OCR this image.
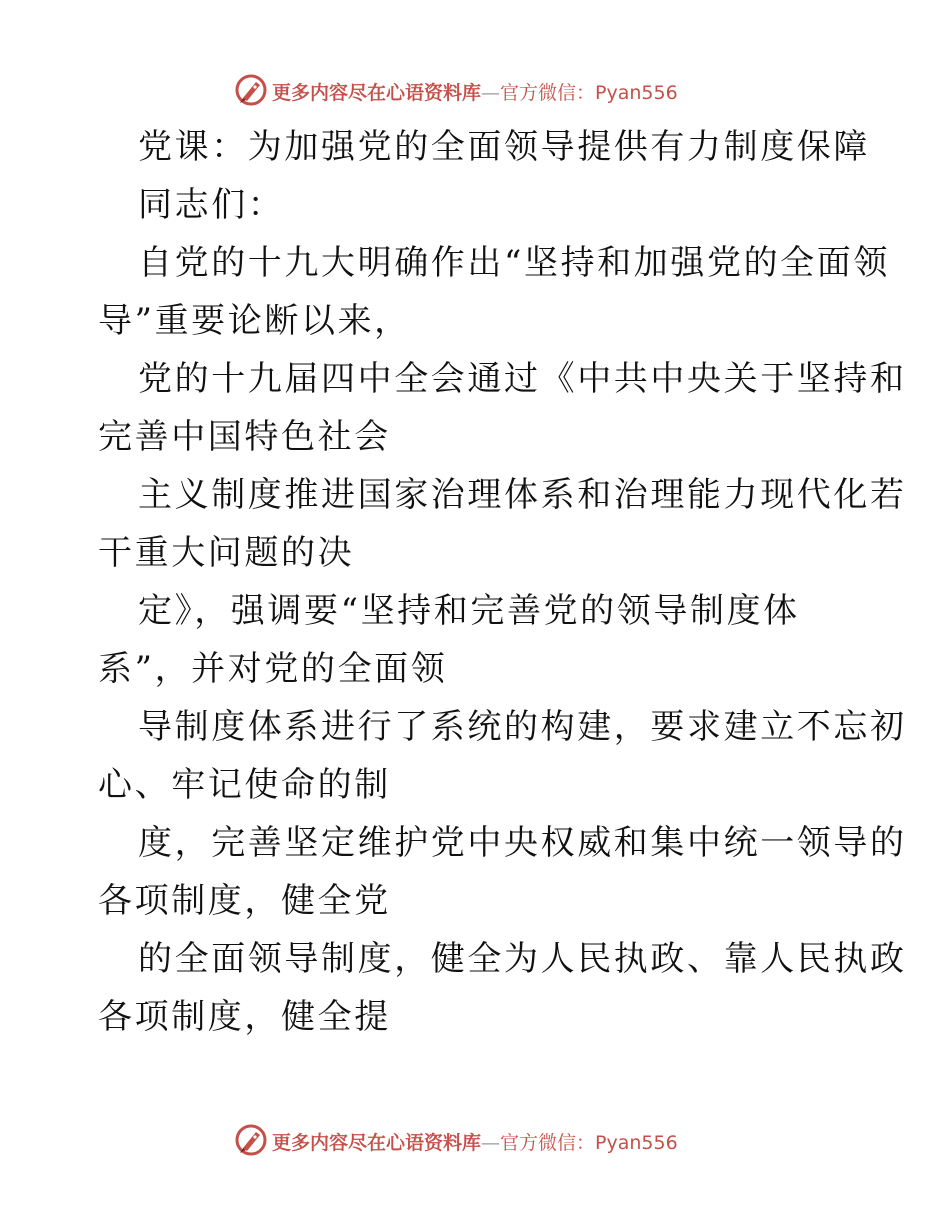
更多内容尽在心语资料库—官方微信：Pyan556
党课：为加强党的全面领导提供有力制度保障
同志们：
自党的十九大明确作出“坚持和加强党的全面领
导”重要论断以来，
党的十九届四中全会通过《中共中央关于坚持和
完善中国特色社会
主义制度推进国家治理体系和治理能力现代化若
干重大问题的决
定》，强调要“坚持和完善党的领导制度体
系”，并对党的全面领
导制度体系进行了系统的构建，要求建立不忘初
心、牢记使命的制
度，完善坚定维护党中央权威和集中统一领导的
各项制度，健全党
的全面领导制度，健全为人民执政、靠人民执政
各项制度，健全提
更多内容尽在心语资料库—官方微信：Pyan556
